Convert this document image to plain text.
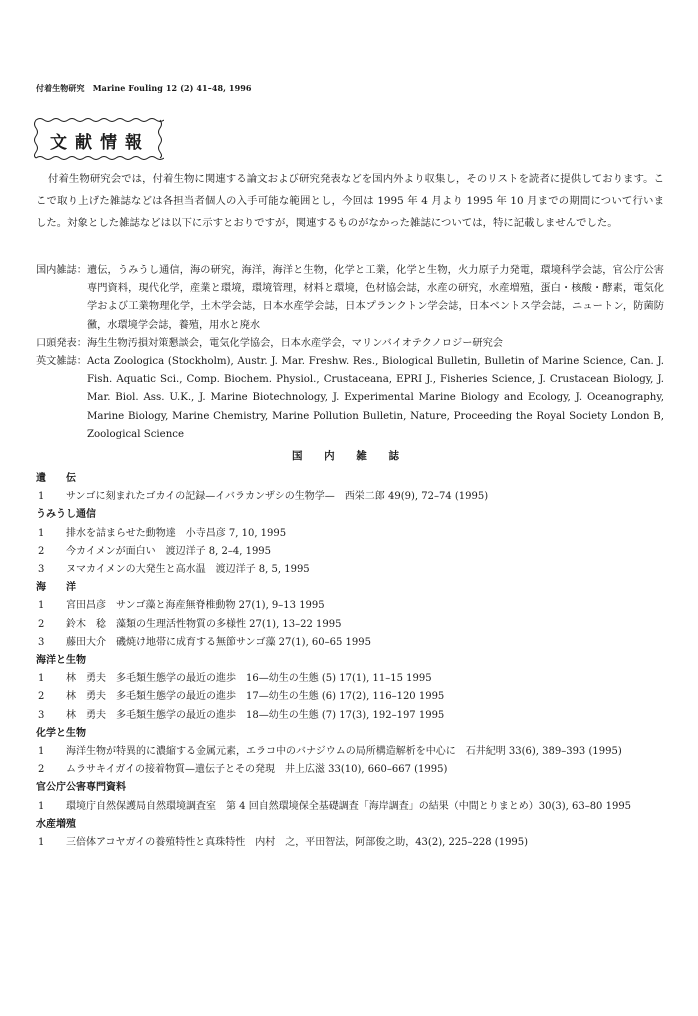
付着生物研究　Marine Fouling 12 (2) 41–48, 1996
文献情報

付着生物研究会では，付着生物に関連する論文および研究発表などを国内外より収集し，そのリストを読者に提供しております。ここで取り上げた雑誌などは各担当者個人の入手可能な範囲とし，今回は 1995 年 4 月より 1995 年 10 月までの期間について行いました。対象とした雑誌などは以下に示すとおりですが，関連するものがなかった雑誌については，特に記載しませんでした。

国内雑誌： 遺伝，うみうし通信，海の研究，海洋，海洋と生物，化学と工業，化学と生物，火力原子力発電，環境科学会誌，官公庁公害専門資料，現代化学，産業と環境，環境管理，材料と環境，色材協会誌，水産の研究，水産増殖，蛋白・核酸・酵素，電気化学および工業物理化学，土木学会誌，日本水産学会誌，日本プランクトン学会誌，日本ベントス学会誌，ニュートン，防菌防黴，水環境学会誌，養殖，用水と廃水
口頭発表： 海生生物汚損対策懇談会，電気化学協会，日本水産学会，マリンバイオテクノロジー研究会
英文雑誌： Acta Zoologica (Stockholm), Austr. J. Mar. Freshw. Res., Biological Bulletin, Bulletin of Marine Science, Can. J. Fish. Aquatic Sci., Comp. Biochem. Physiol., Crustaceana, EPRI J., Fisheries Science, J. Crustacean Biology, J. Mar. Biol. Ass. U.K., J. Marine Biotechnology, J. Experimental Marine Biology and Ecology, J. Oceanography, Marine Biology, Marine Chemistry, Marine Pollution Bulletin, Nature, Proceeding the Royal Society London B, Zoological Science
国 内 雑 誌

遺　　伝

1	サンゴに刻まれたゴカイの記録—イバラカンザシの生物学—　西栄二郎 49(9), 72–74 (1995)

うみうし通信

1	排水を詰まらせた動物達　小寺昌彦 7, 10, 1995
2	今カイメンが面白い　渡辺洋子 8, 2–4, 1995
3	ヌマカイメンの大発生と高水温　渡辺洋子 8, 5, 1995

海　　洋

1	宮田昌彦　サンゴ藻と海産無脊椎動物 27(1), 9–13 1995
2	鈴木　稔　藻類の生理活性物質の多様性 27(1), 13–22 1995
3	藤田大介　磯焼け地帯に成育する無節サンゴ藻 27(1), 60–65 1995

海洋と生物

1	林　勇夫　多毛類生態学の最近の進歩　16—幼生の生態 (5) 17(1), 11–15 1995
2	林　勇夫　多毛類生態学の最近の進歩　17—幼生の生態 (6) 17(2), 116–120 1995
3	林　勇夫　多毛類生態学の最近の進歩　18—幼生の生態 (7) 17(3), 192–197 1995

化学と生物

1	海洋生物が特異的に濃縮する金属元素，エラコ中のバナジウムの局所構造解析を中心に　石井紀明 33(6), 389–393 (1995)
2	ムラサキイガイの接着物質—遺伝子とその発現　井上広滋 33(10), 660–667 (1995)

官公庁公害専門資料

1	環境庁自然保護局自然環境調査室　第 4 回自然環境保全基礎調査「海岸調査」の結果（中間とりまとめ）30(3), 63–80 1995

水産増殖

1	三倍体アコヤガイの養殖特性と真珠特性　内村　之，平田智法，阿部俊之助，43(2), 225–228 (1995)
